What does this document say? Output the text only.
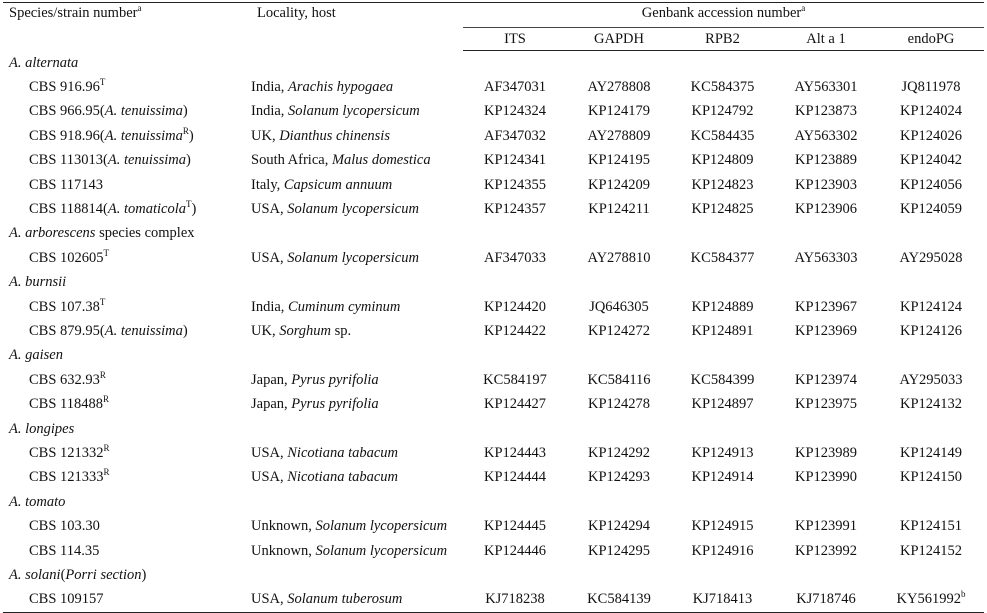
Species/strain number$^a$	Locality, host	Genbank accession number$^a$
		ITS	GAPDH	RPB2	Alt a 1	endoPG
A. alternata						
CBS $916.96^T$	India, Arachis hypogaea	AF347031	AY278808	KC584375	AY563301	JQ811978
CBS 966.95(A. tenuissima)	India, Solanum lycopersicum	KP124324	KP124179	KP124792	KP123873	KP124024
CBS 918.96(A. tenuissima$^R$)	UK, Dianthus chinensis	AF347032	AY278809	KC584435	AY563302	KP124026
CBS 113013(A. tenuissima)	South Africa, Malus domestica	KP124341	KP124195	KP124809	KP123889	KP124042
CBS 117143	Italy, Capsicum annuum	KP124355	KP124209	KP124823	KP123903	KP124056
CBS 118814(A. tomaticola$^T$)	USA, Solanum lycopersicum	KP124357	KP124211	KP124825	KP123906	KP124059
A. arborescens species complex						
CBS $102605^T$	USA, Solanum lycopersicum	AF347033	AY278810	KC584377	AY563303	AY295028
A. burnsii						
CBS $107.38^T$	India, Cuminum cyminum	KP124420	JQ646305	KP124889	KP123967	KP124124
CBS 879.95(A. tenuissima)	UK, Sorghum sp.	KP124422	KP124272	KP124891	KP123969	KP124126
A. gaisen						
CBS $632.93^R$	Japan, Pyrus pyrifolia	KC584197	KC584116	KC584399	KP123974	AY295033
CBS $118488^R$	Japan, Pyrus pyrifolia	KP124427	KP124278	KP124897	KP123975	KP124132
A. longipes						
CBS $121332^R$	USA, Nicotiana tabacum	KP124443	KP124292	KP124913	KP123989	KP124149
CBS $121333^R$	USA, Nicotiana tabacum	KP124444	KP124293	KP124914	KP123990	KP124150
A. tomato						
CBS 103.30	Unknown, Solanum lycopersicum	KP124445	KP124294	KP124915	KP123991	KP124151
CBS 114.35	Unknown, Solanum lycopersicum	KP124446	KP124295	KP124916	KP123992	KP124152
A. solani(Porri section)						
CBS 109157	USA, Solanum tuberosum	KJ718238	KC584139	KJ718413	KJ718746	KY561992$^b$
